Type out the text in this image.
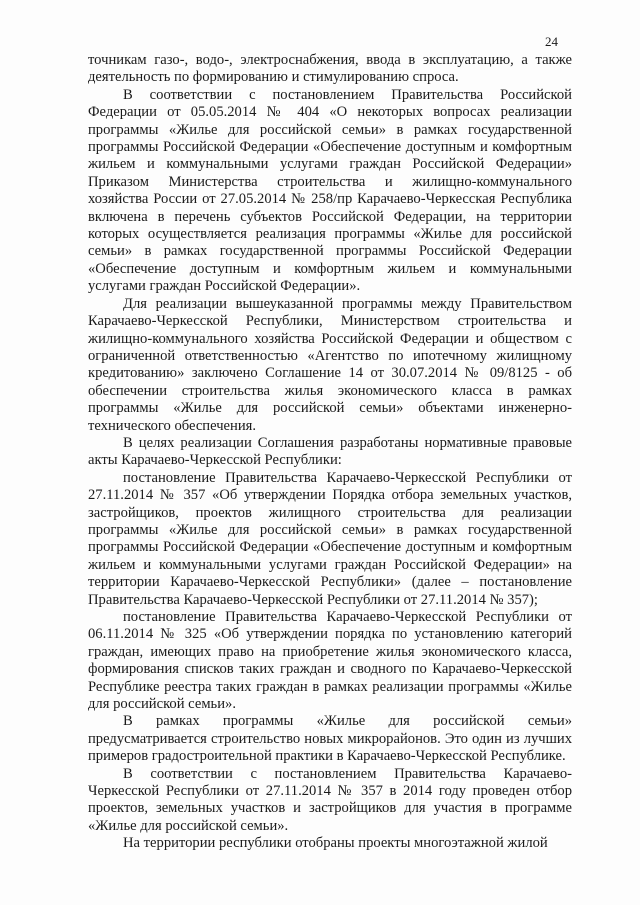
24

точникам газо-, водо-, электроснабжения, ввода в эксплуатацию, а также деятельность по формированию и стимулированию спроса.

В соответствии с постановлением Правительства Российской Федерации от 05.05.2014 № 404 «О некоторых вопросах реализации программы «Жилье для российской семьи» в рамках государственной программы Российской Федерации «Обеспечение доступным и комфортным жильем и коммунальными услугами граждан Российской Федерации» Приказом Министерства строительства и жилищно-коммунального хозяйства России от 27.05.2014 № 258/пр Карачаево-Черкесская Республика включена в перечень субъектов Российской Федерации, на территории которых осуществляется реализация программы «Жилье для российской семьи» в рамках государственной программы Российской Федерации «Обеспечение доступным и комфортным жильем и коммунальными услугами граждан Российской Федерации».

Для реализации вышеуказанной программы между Правительством Карачаево-Черкесской Республики, Министерством строительства и жилищно-коммунального хозяйства Российской Федерации и обществом с ограниченной ответственностью «Агентство по ипотечному жилищному кредитованию» заключено Соглашение 14 от 30.07.2014 № 09/8125 - об обеспечении строительства жилья экономического класса в рамках программы «Жилье для российской семьи» объектами инженерно-технического обеспечения.

В целях реализации Соглашения разработаны нормативные правовые акты Карачаево-Черкесской Республики:

постановление Правительства Карачаево-Черкесской Республики от 27.11.2014 № 357 «Об утверждении Порядка отбора земельных участков, застройщиков, проектов жилищного строительства для реализации программы «Жилье для российской семьи» в рамках государственной программы Российской Федерации «Обеспечение доступным и комфортным жильем и коммунальными услугами граждан Российской Федерации» на территории Карачаево-Черкесской Республики» (далее – постановление Правительства Карачаево-Черкесской Республики от 27.11.2014 № 357);

постановление Правительства Карачаево-Черкесской Республики от 06.11.2014 № 325 «Об утверждении порядка по установлению категорий граждан, имеющих право на приобретение жилья экономического класса, формирования списков таких граждан и сводного по Карачаево-Черкесской Республике реестра таких граждан в рамках реализации программы «Жилье для российской семьи».

В рамках программы «Жилье для российской семьи» предусматривается строительство новых микрорайонов. Это один из лучших примеров градостроительной практики в Карачаево-Черкесской Республике.

В соответствии с постановлением Правительства Карачаево-Черкесской Республики от 27.11.2014 № 357 в 2014 году проведен отбор проектов, земельных участков и застройщиков для участия в программе «Жилье для российской семьи».

На территории республики отобраны проекты многоэтажной жилой
